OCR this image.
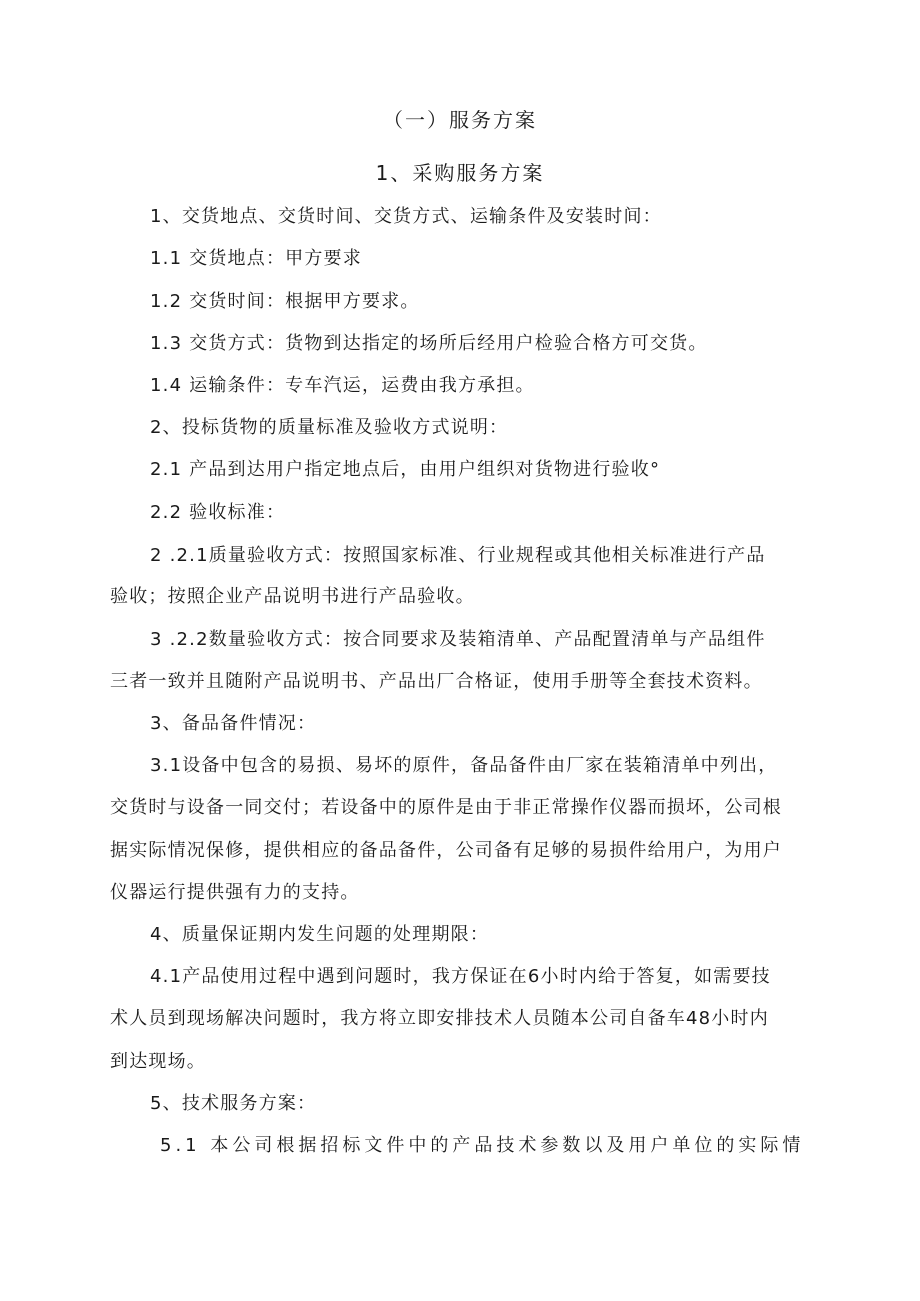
（一）服务方案
1、采购服务方案
1、交货地点、交货时间、交货方式、运输条件及安装时间：
1.1 交货地点：甲方要求
1.2 交货时间：根据甲方要求。
1.3 交货方式：货物到达指定的场所后经用户检验合格方可交货。
1.4 运输条件：专车汽运，运费由我方承担。
2、投标货物的质量标准及验收方式说明：
2.1 产品到达用户指定地点后，由用户组织对货物进行验收°
2.2 验收标准：
2 .2.1质量验收方式：按照国家标准、行业规程或其他相关标准进行产品
验收；按照企业产品说明书进行产品验收。
3 .2.2数量验收方式：按合同要求及装箱清单、产品配置清单与产品组件
三者一致并且随附产品说明书、产品出厂合格证，使用手册等全套技术资料。
3、备品备件情况：
3.1设备中包含的易损、易坏的原件，备品备件由厂家在装箱清单中列出，
交货时与设备一同交付；若设备中的原件是由于非正常操作仪器而损坏，公司根
据实际情况保修，提供相应的备品备件，公司备有足够的易损件给用户，为用户
仪器运行提供强有力的支持。
4、质量保证期内发生问题的处理期限：
4.1产品使用过程中遇到问题时，我方保证在6小时内给于答复，如需要技
术人员到现场解决问题时，我方将立即安排技术人员随本公司自备车48小时内
到达现场。
5、技术服务方案：
5.1 本公司根据招标文件中的产品技术参数以及用户单位的实际情
